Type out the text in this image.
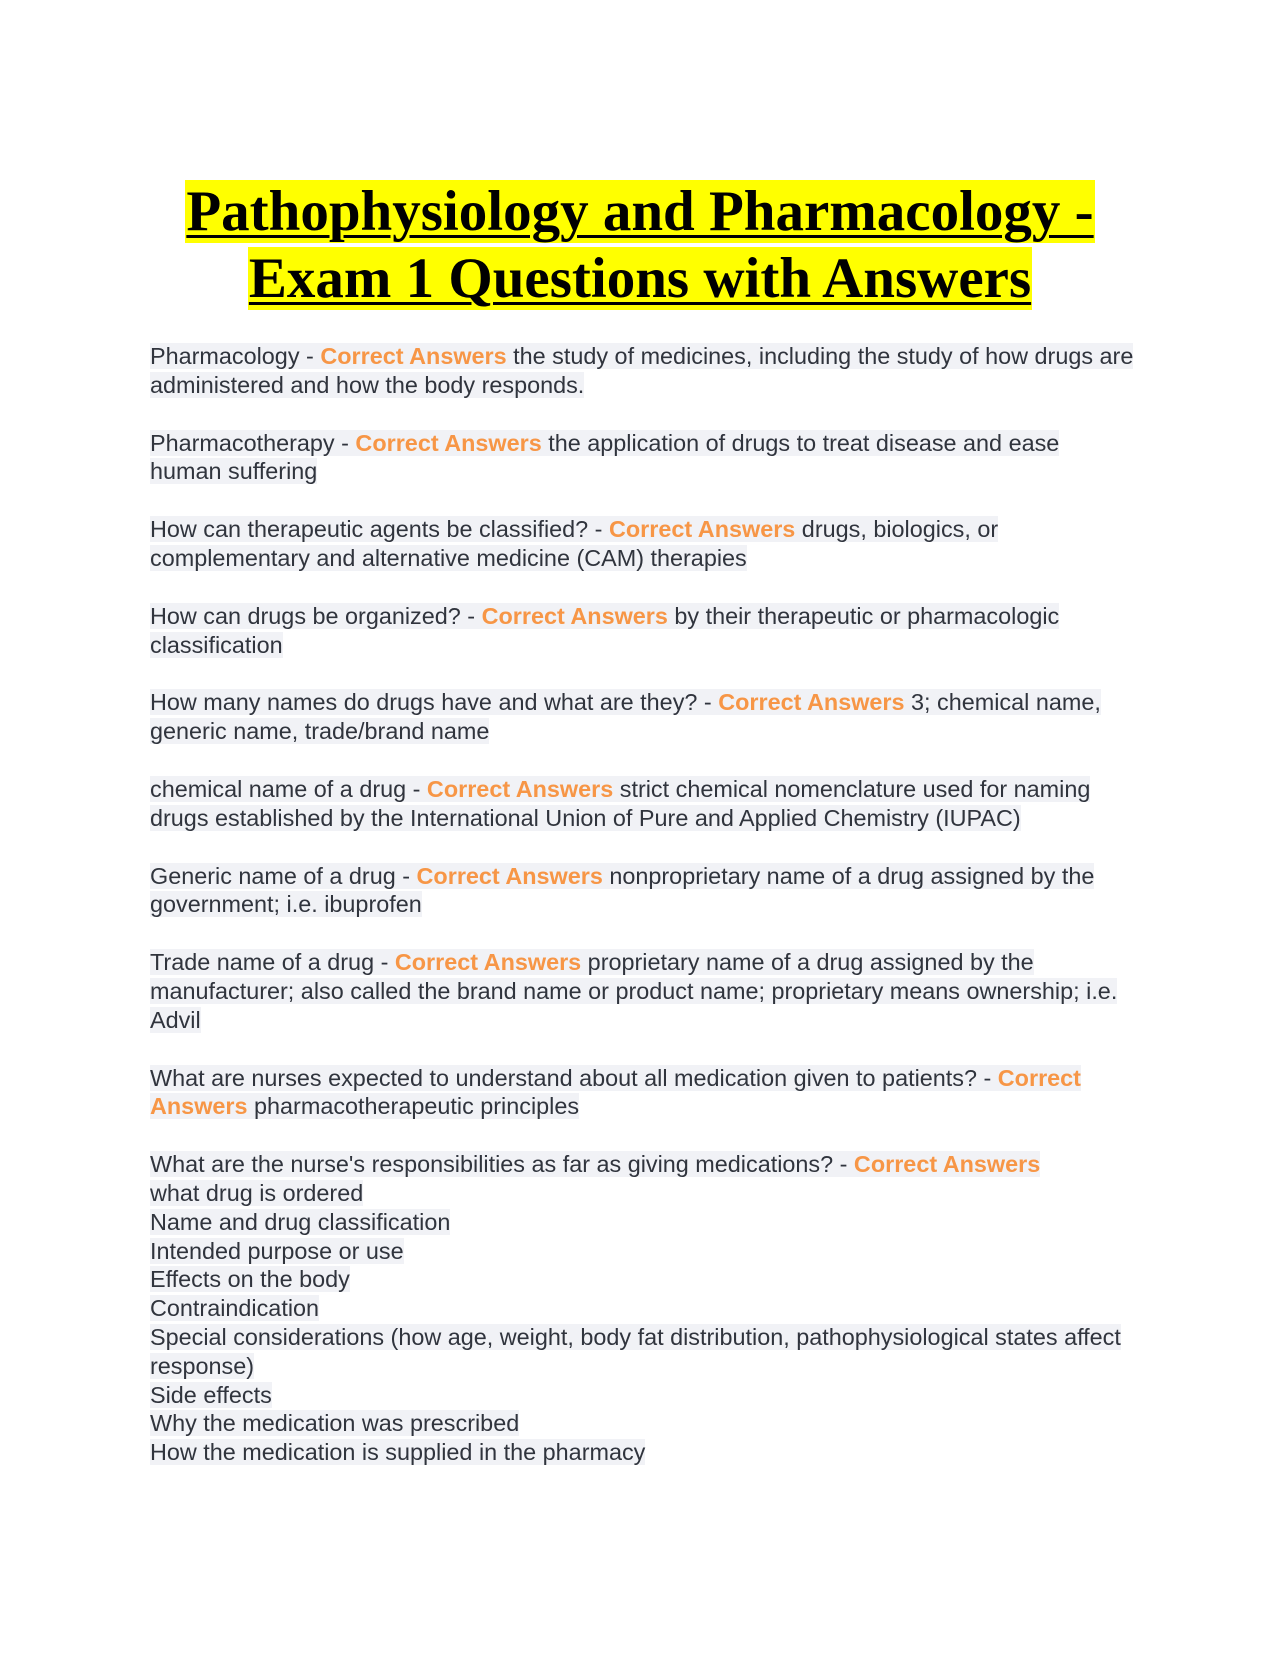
Pathophysiology and Pharmacology -
Exam 1 Questions with Answers

Pharmacology - Correct Answers the study of medicines, including the study of how drugs are administered and how the body responds.

Pharmacotherapy - Correct Answers the application of drugs to treat disease and ease human suffering

How can therapeutic agents be classified? - Correct Answers drugs, biologics, or complementary and alternative medicine (CAM) therapies

How can drugs be organized? - Correct Answers by their therapeutic or pharmacologic classification

How many names do drugs have and what are they? - Correct Answers 3; chemical name, generic name, trade/brand name

chemical name of a drug - Correct Answers strict chemical nomenclature used for naming drugs established by the International Union of Pure and Applied Chemistry (IUPAC)

Generic name of a drug - Correct Answers nonproprietary name of a drug assigned by the government; i.e. ibuprofen

Trade name of a drug - Correct Answers proprietary name of a drug assigned by the manufacturer; also called the brand name or product name; proprietary means ownership; i.e. Advil

What are nurses expected to understand about all medication given to patients? - Correct Answers pharmacotherapeutic principles

What are the nurse's responsibilities as far as giving medications? - Correct Answers
what drug is ordered
Name and drug classification
Intended purpose or use
Effects on the body
Contraindication
Special considerations (how age, weight, body fat distribution, pathophysiological states affect response)
Side effects
Why the medication was prescribed
How the medication is supplied in the pharmacy
